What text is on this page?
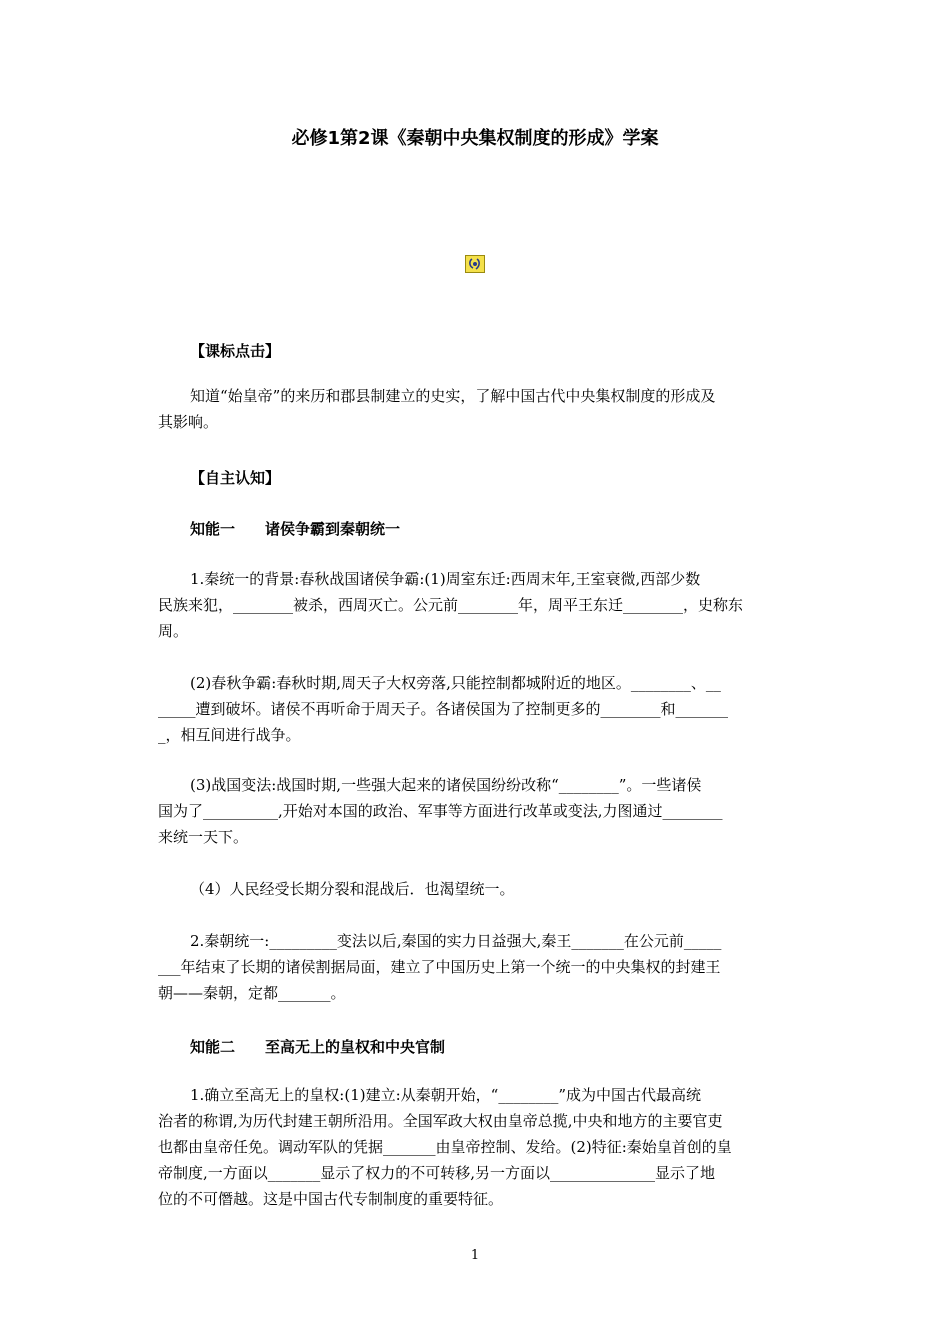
必修1第2课《秦朝中央集权制度的形成》学案
【课标点击】
知道“始皇帝”的来历和郡县制建立的史实，了解中国古代中央集权制度的形成及
其影响。
【自主认知】
知能一　　诸侯争霸到秦朝统一
1.秦统一的背景:春秋战国诸侯争霸:(1)周室东迁:西周末年,王室衰微,西部少数
民族来犯，________被杀，西周灭亡。公元前________年，周平王东迁________，史称东
周。
(2)春秋争霸:春秋时期,周天子大权旁落,只能控制都城附近的地区。________、__
_____遭到破坏。诸侯不再听命于周天子。各诸侯国为了控制更多的________和_______
_，相互间进行战争。
(3)战国变法:战国时期,一些强大起来的诸侯国纷纷改称“________”。一些诸侯
国为了__________,开始对本国的政治、军事等方面进行改革或变法,力图通过________
来统一天下。
（4）人民经受长期分裂和混战后．也渴望统一。
2.秦朝统一:_________变法以后,秦国的实力日益强大,秦王_______在公元前_____
___年结束了长期的诸侯割据局面，建立了中国历史上第一个统一的中央集权的封建王
朝——秦朝，定都_______。
知能二　　至高无上的皇权和中央官制
1.确立至高无上的皇权:(1)建立:从秦朝开始，“________”成为中国古代最高统
治者的称谓,为历代封建王朝所沿用。全国军政大权由皇帝总揽,中央和地方的主要官吏
也都由皇帝任免。调动军队的凭据_______由皇帝控制、发给。(2)特征:秦始皇首创的皇
帝制度,一方面以_______显示了权力的不可转移,另一方面以______________显示了地
位的不可僭越。这是中国古代专制制度的重要特征。
1
